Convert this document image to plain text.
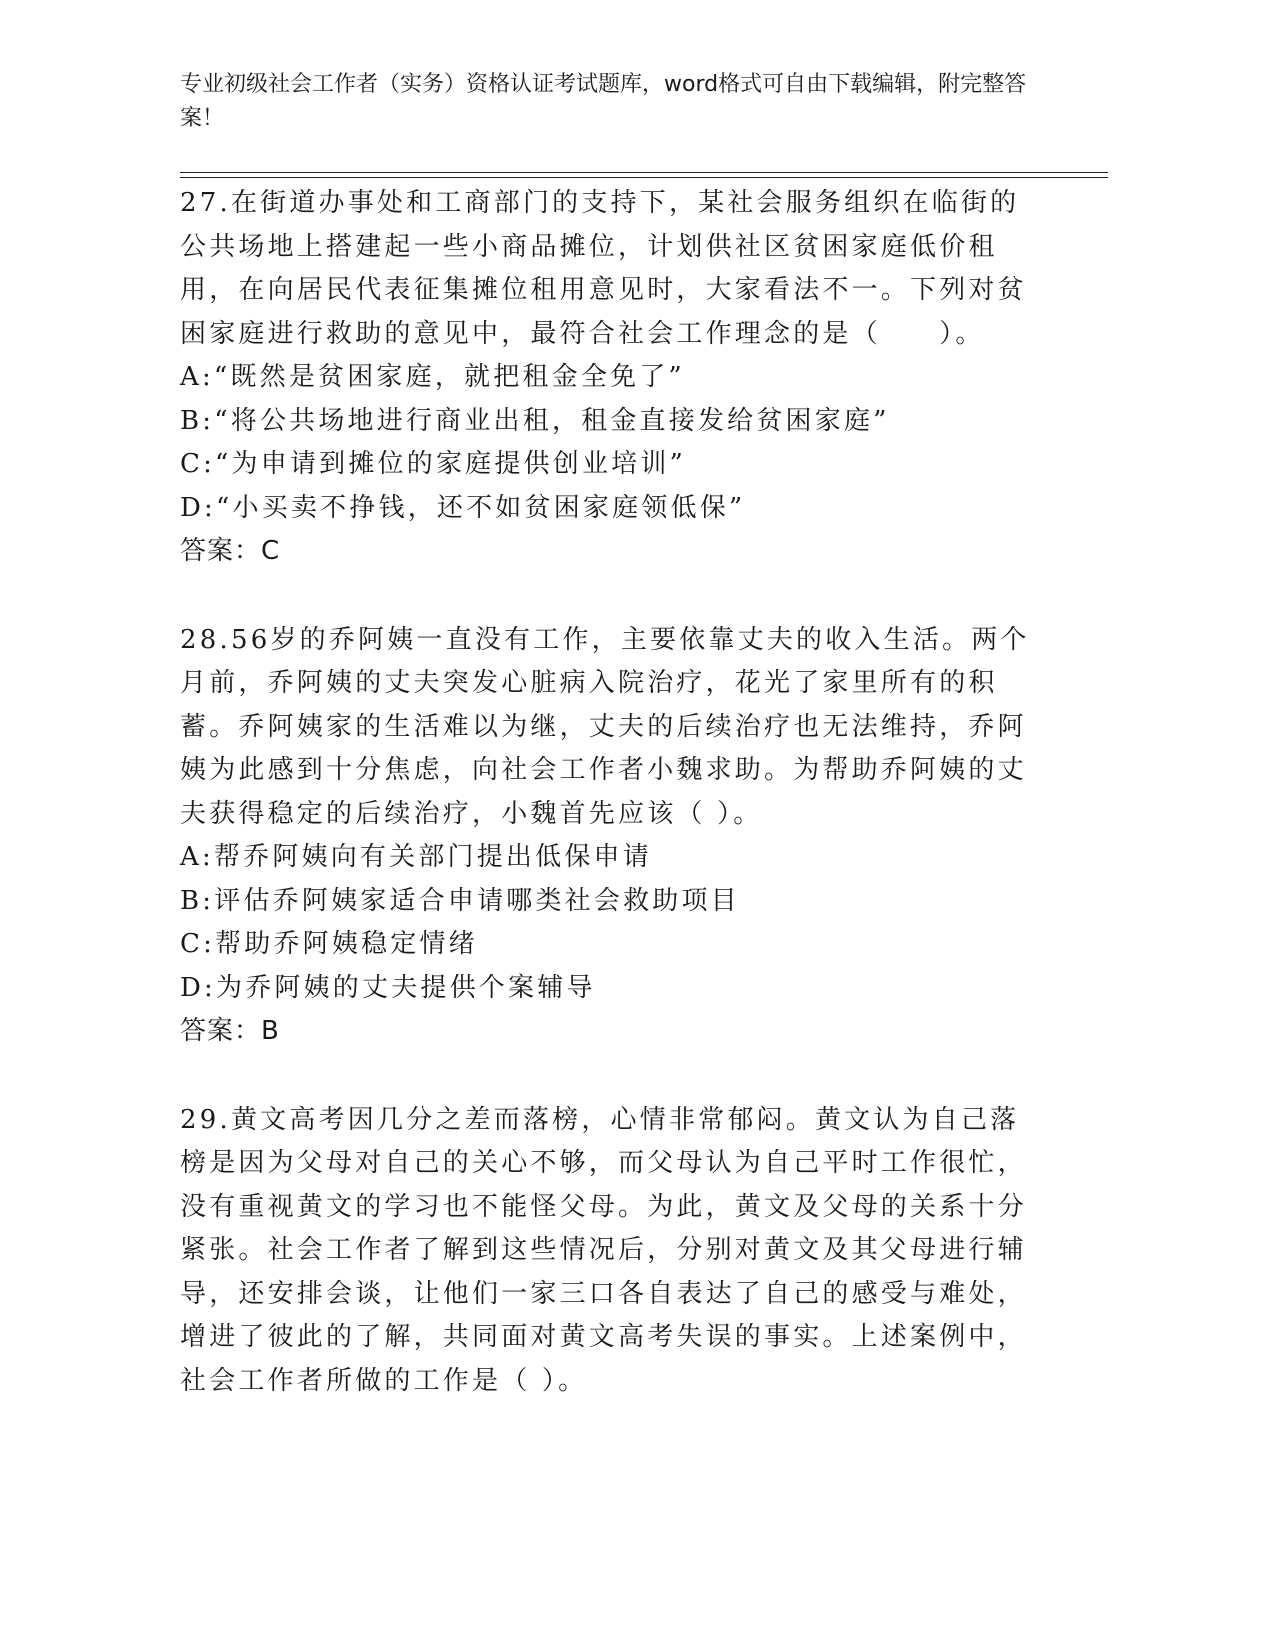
专业初级社会工作者（实务）资格认证考试题库，word格式可自由下载编辑，附完整答案！

27.在街道办事处和工商部门的支持下，某社会服务组织在临街的公共场地上搭建起一些小商品摊位，计划供社区贫困家庭低价租用，在向居民代表征集摊位租用意见时，大家看法不一。下列对贫困家庭进行救助的意见中，最符合社会工作理念的是（　　）。

A:“既然是贫困家庭，就把租金全免了”

B:“将公共场地进行商业出租，租金直接发给贫困家庭”

C:“为申请到摊位的家庭提供创业培训”

D:“小买卖不挣钱，还不如贫困家庭领低保”

答案：C

28.56岁的乔阿姨一直没有工作，主要依靠丈夫的收入生活。两个月前，乔阿姨的丈夫突发心脏病入院治疗，花光了家里所有的积蓄。乔阿姨家的生活难以为继，丈夫的后续治疗也无法维持，乔阿姨为此感到十分焦虑，向社会工作者小魏求助。为帮助乔阿姨的丈夫获得稳定的后续治疗，小魏首先应该（ ）。

A:帮乔阿姨向有关部门提出低保申请

B:评估乔阿姨家适合申请哪类社会救助项目

C:帮助乔阿姨稳定情绪

D:为乔阿姨的丈夫提供个案辅导

答案：B

29.黄文高考因几分之差而落榜，心情非常郁闷。黄文认为自己落榜是因为父母对自己的关心不够，而父母认为自己平时工作很忙，没有重视黄文的学习也不能怪父母。为此，黄文及父母的关系十分紧张。社会工作者了解到这些情况后，分别对黄文及其父母进行辅导，还安排会谈，让他们一家三口各自表达了自己的感受与难处，增进了彼此的了解，共同面对黄文高考失误的事实。上述案例中，社会工作者所做的工作是（ ）。
